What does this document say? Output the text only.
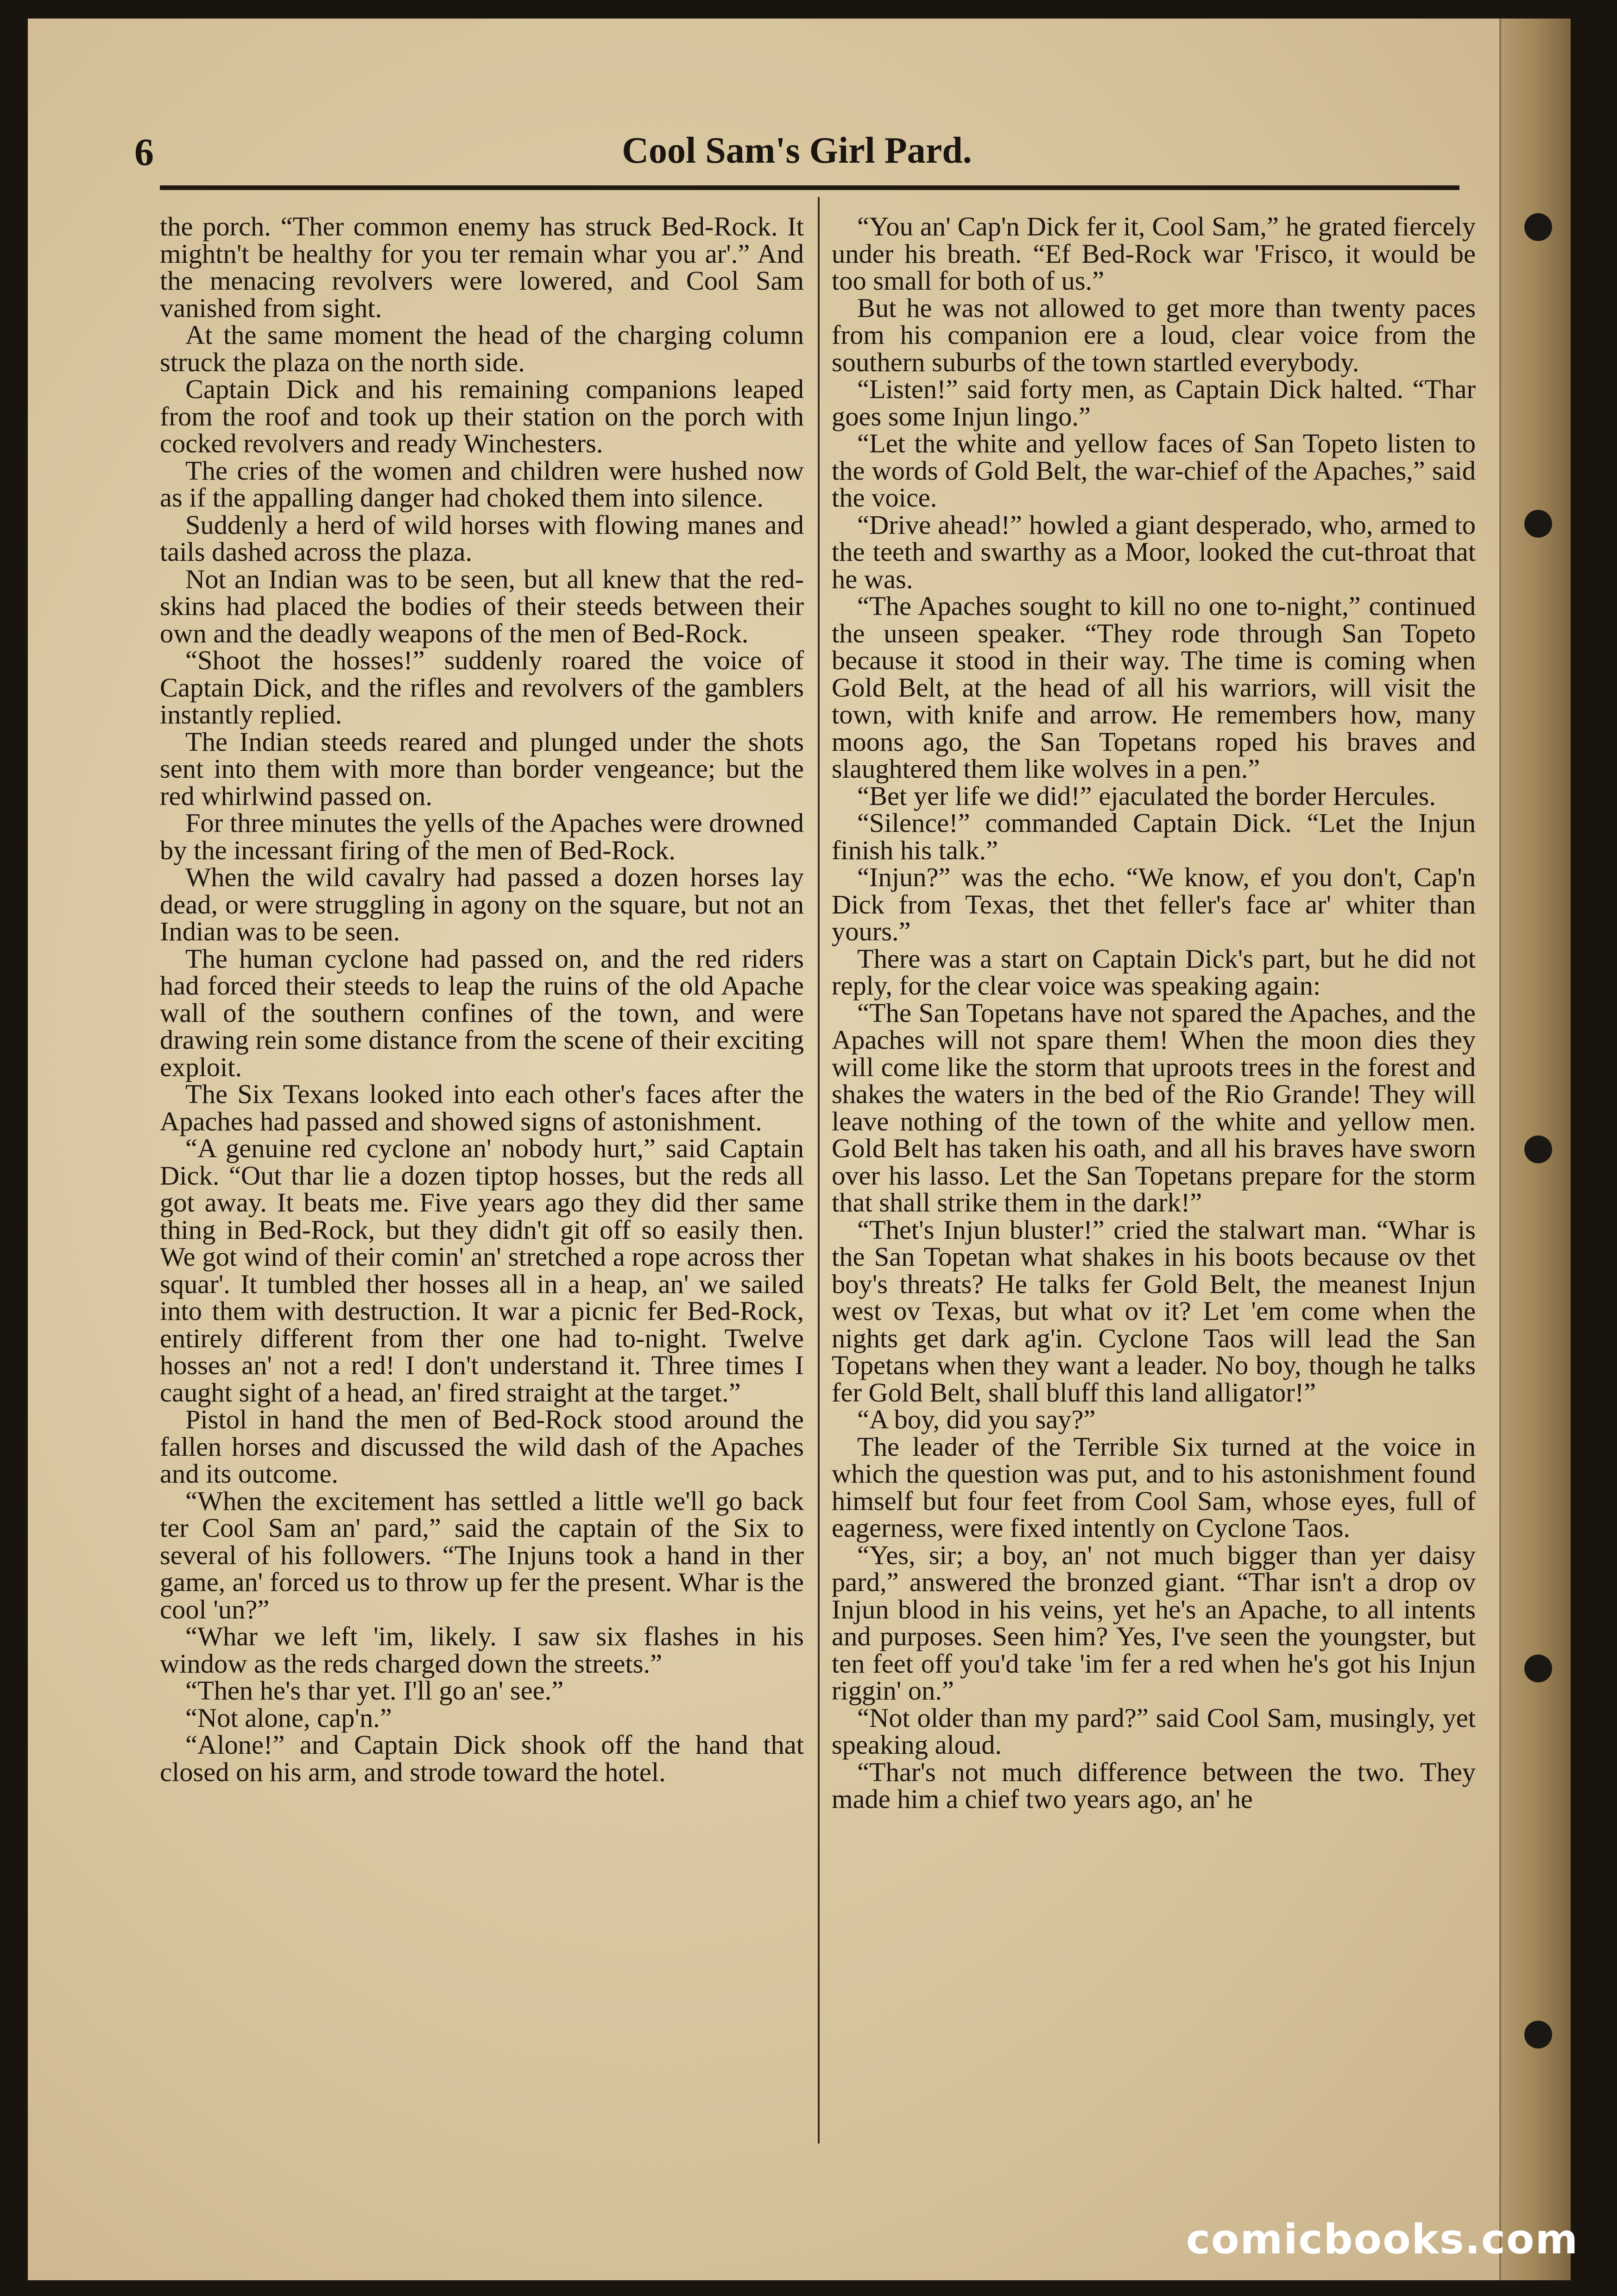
6	Cool Sam's Girl Pard.

the porch. “Ther common enemy has struck Bed-Rock. It mightn't be healthy for you ter remain whar you ar'.” And the menacing revolvers were lowered, and Cool Sam vanished from sight.

At the same moment the head of the charging column struck the plaza on the north side.

Captain Dick and his remaining companions leaped from the roof and took up their station on the porch with cocked revolvers and ready Winchesters.

The cries of the women and children were hushed now as if the appalling danger had choked them into silence.

Suddenly a herd of wild horses with flowing manes and tails dashed across the plaza.

Not an Indian was to be seen, but all knew that the red-skins had placed the bodies of their steeds between their own and the deadly weapons of the men of Bed-Rock.

“Shoot the hosses!” suddenly roared the voice of Captain Dick, and the rifles and revolvers of the gamblers instantly replied.

The Indian steeds reared and plunged under the shots sent into them with more than border vengeance; but the red whirlwind passed on.

For three minutes the yells of the Apaches were drowned by the incessant firing of the men of Bed-Rock.

When the wild cavalry had passed a dozen horses lay dead, or were struggling in agony on the square, but not an Indian was to be seen.

The human cyclone had passed on, and the red riders had forced their steeds to leap the ruins of the old Apache wall of the southern confines of the town, and were drawing rein some distance from the scene of their exciting exploit.

The Six Texans looked into each other's faces after the Apaches had passed and showed signs of astonishment.

“A genuine red cyclone an' nobody hurt,” said Captain Dick. “Out thar lie a dozen tiptop hosses, but the reds all got away. It beats me. Five years ago they did ther same thing in Bed-Rock, but they didn't git off so easily then. We got wind of their comin' an' stretched a rope across ther squar'. It tumbled ther hosses all in a heap, an' we sailed into them with destruction. It war a picnic fer Bed-Rock, entirely different from ther one had to-night. Twelve hosses an' not a red! I don't understand it. Three times I caught sight of a head, an' fired straight at the target.”

Pistol in hand the men of Bed-Rock stood around the fallen horses and discussed the wild dash of the Apaches and its outcome.

“When the excitement has settled a little we'll go back ter Cool Sam an' pard,” said the captain of the Six to several of his followers. “The Injuns took a hand in ther game, an' forced us to throw up fer the present. Whar is the cool 'un?”

“Whar we left 'im, likely. I saw six flashes in his window as the reds charged down the streets.”

“Then he's thar yet. I'll go an' see.”

“Not alone, cap'n.”

“Alone!” and Captain Dick shook off the hand that closed on his arm, and strode toward the hotel.

“You an' Cap'n Dick fer it, Cool Sam,” he grated fiercely under his breath. “Ef Bed-Rock war 'Frisco, it would be too small for both of us.”

But he was not allowed to get more than twenty paces from his companion ere a loud, clear voice from the southern suburbs of the town startled everybody.

“Listen!” said forty men, as Captain Dick halted. “Thar goes some Injun lingo.”

“Let the white and yellow faces of San Topeto listen to the words of Gold Belt, the war-chief of the Apaches,” said the voice.

“Drive ahead!” howled a giant desperado, who, armed to the teeth and swarthy as a Moor, looked the cut-throat that he was.

“The Apaches sought to kill no one to-night,” continued the unseen speaker. “They rode through San Topeto because it stood in their way. The time is coming when Gold Belt, at the head of all his warriors, will visit the town, with knife and arrow. He remembers how, many moons ago, the San Topetans roped his braves and slaughtered them like wolves in a pen.”

“Bet yer life we did!” ejaculated the border Hercules.

“Silence!” commanded Captain Dick. “Let the Injun finish his talk.”

“Injun?” was the echo. “We know, ef you don't, Cap'n Dick from Texas, thet thet feller's face ar' whiter than yours.”

There was a start on Captain Dick's part, but he did not reply, for the clear voice was speaking again:

“The San Topetans have not spared the Apaches, and the Apaches will not spare them! When the moon dies they will come like the storm that uproots trees in the forest and shakes the waters in the bed of the Rio Grande! They will leave nothing of the town of the white and yellow men. Gold Belt has taken his oath, and all his braves have sworn over his lasso. Let the San Topetans prepare for the storm that shall strike them in the dark!”

“Thet's Injun bluster!” cried the stalwart man. “Whar is the San Topetan what shakes in his boots because ov thet boy's threats? He talks fer Gold Belt, the meanest Injun west ov Texas, but what ov it? Let 'em come when the nights get dark ag'in. Cyclone Taos will lead the San Topetans when they want a leader. No boy, though he talks fer Gold Belt, shall bluff this land alligator!”

“A boy, did you say?”

The leader of the Terrible Six turned at the voice in which the question was put, and to his astonishment found himself but four feet from Cool Sam, whose eyes, full of eagerness, were fixed intently on Cyclone Taos.

“Yes, sir; a boy, an' not much bigger than yer daisy pard,” answered the bronzed giant. “Thar isn't a drop ov Injun blood in his veins, yet he's an Apache, to all intents and purposes. Seen him? Yes, I've seen the youngster, but ten feet off you'd take 'im fer a red when he's got his Injun riggin' on.”

“Not older than my pard?” said Cool Sam, musingly, yet speaking aloud.

“Thar's not much difference between the two. They made him a chief two years ago, an' he

comicbooks.com
